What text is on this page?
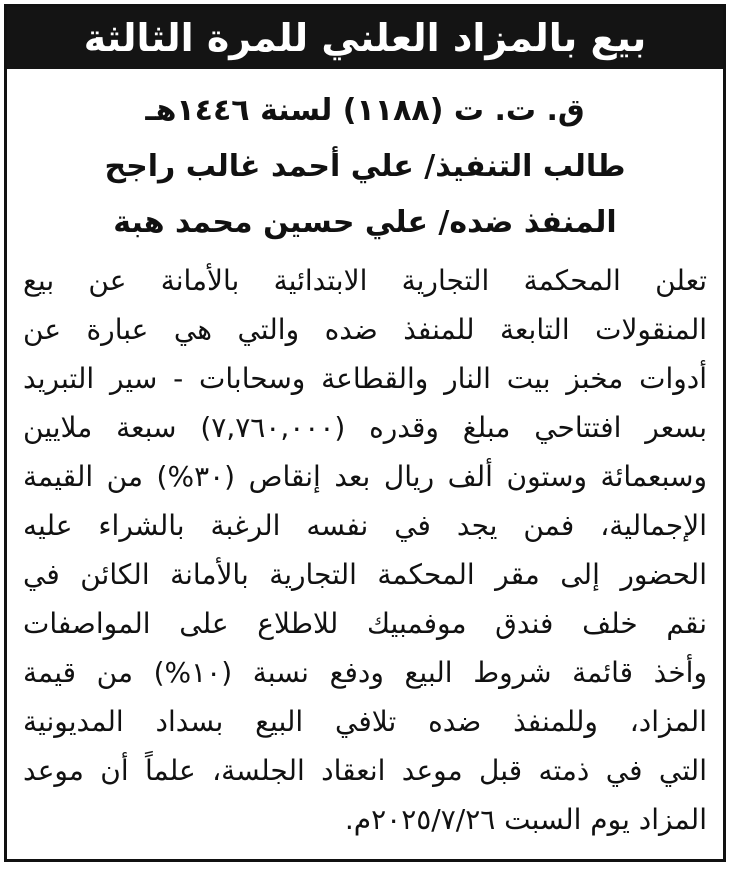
بيع بالمزاد العلني للمرة الثالثة
ق. ت. ت (١١٨٨) لسنة ١٤٤٦هـ
طالب التنفيذ/ علي أحمد غالب راجح
المنفذ ضده/ علي حسين محمد هبة
تعلن المحكمة التجارية الابتدائية بالأمانة عن بيع
المنقولات التابعة للمنفذ ضده والتي هي عبارة عن
أدوات مخبز بيت النار والقطاعة وسحابات - سير التبريد
بسعر افتتاحي مبلغ وقدره (٧,٧٦٠,٠٠٠) سبعة ملايين
وسبعمائة وستون ألف ريال بعد إنقاص (٣٠%) من القيمة
الإجمالية، فمن يجد في نفسه الرغبة بالشراء عليه
الحضور إلى مقر المحكمة التجارية بالأمانة الكائن في
نقم خلف فندق موفمبيك للاطلاع على المواصفات
وأخذ قائمة شروط البيع ودفع نسبة (١٠%) من قيمة
المزاد، وللمنفذ ضده تلافي البيع بسداد المديونية
التي في ذمته قبل موعد انعقاد الجلسة، علماً أن موعد
المزاد يوم السبت ٢٠٢٥/٧/٢٦م.
